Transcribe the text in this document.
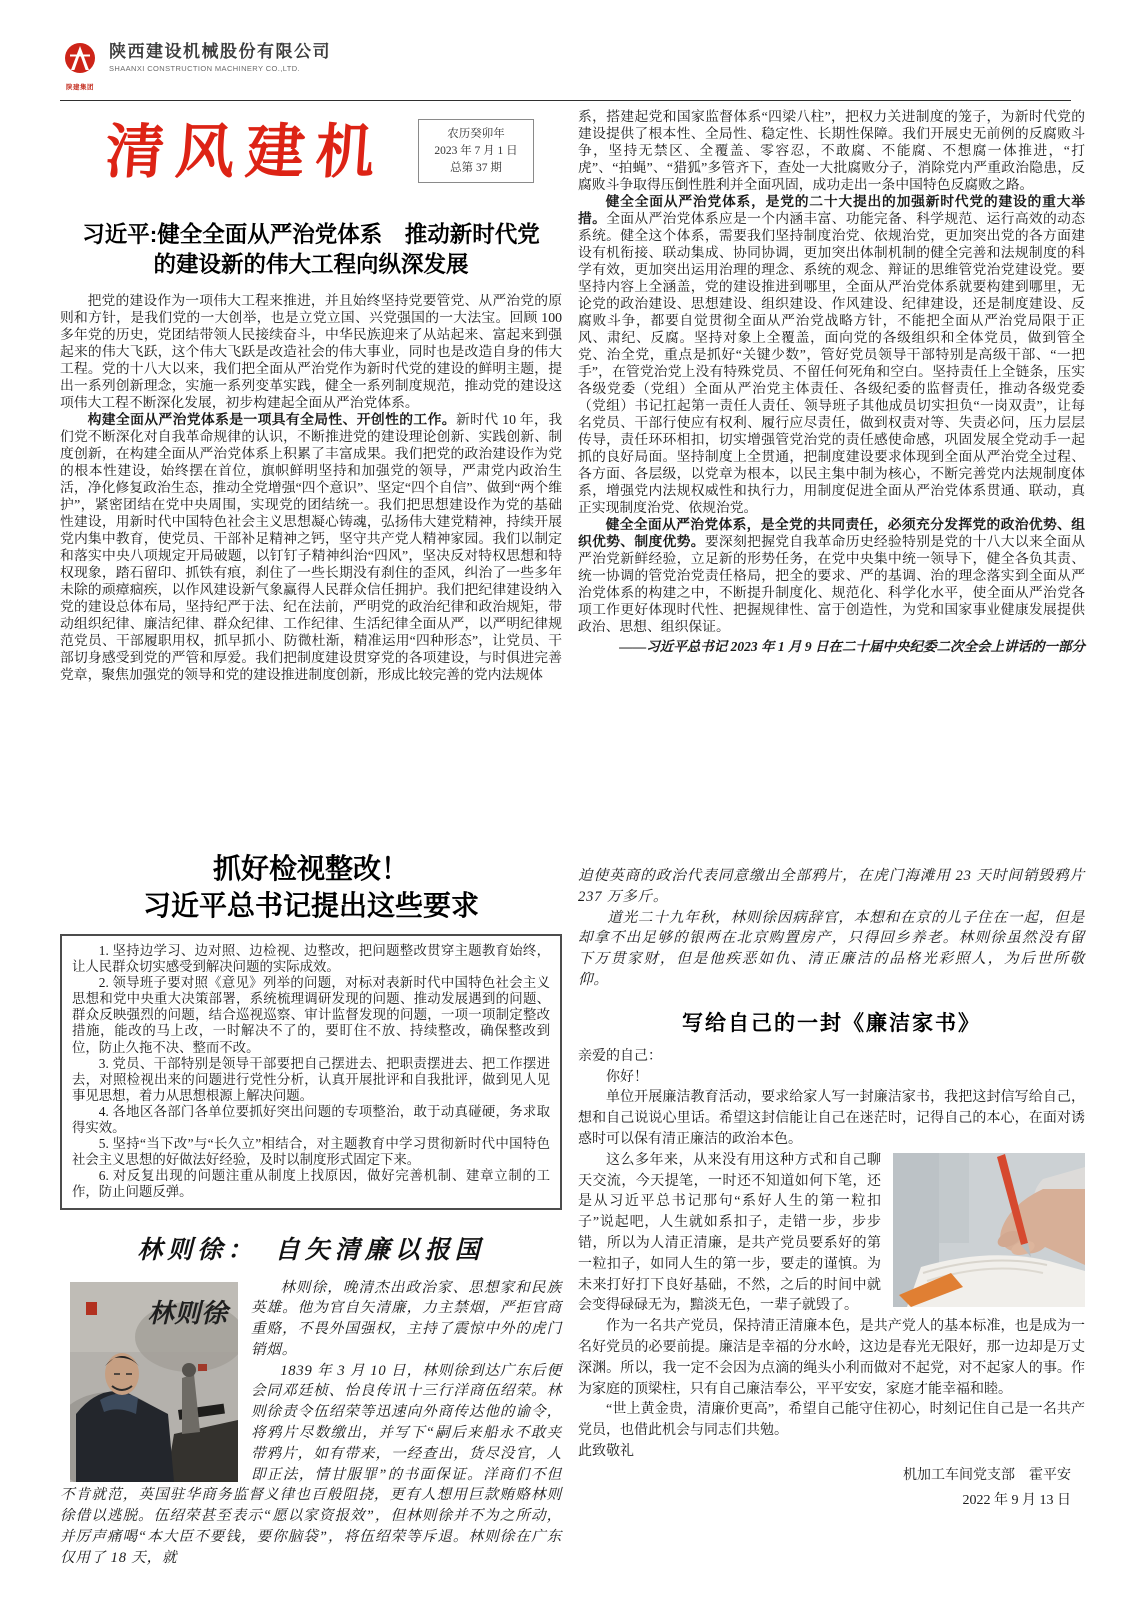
陕建集团
陕西建设机械股份有限公司
SHAANXI CONSTRUCTION MACHINERY CO.,LTD.
清风建机	农历癸卯年
2023 年 7 月 1 日
总第 37 期
习近平:健全全面从严治党体系　推动新时代党
的建设新的伟大工程向纵深发展

把党的建设作为一项伟大工程来推进，并且始终坚持党要管党、从严治党的原则和方针，是我们党的一大创举，也是立党立国、兴党强国的一大法宝。回顾 100 多年党的历史，党团结带领人民接续奋斗，中华民族迎来了从站起来、富起来到强起来的伟大飞跃，这个伟大飞跃是改造社会的伟大事业，同时也是改造自身的伟大工程。党的十八大以来，我们把全面从严治党作为新时代党的建设的鲜明主题，提出一系列创新理念，实施一系列变革实践，健全一系列制度规范，推动党的建设这项伟大工程不断深化发展，初步构建起全面从严治党体系。

构建全面从严治党体系是一项具有全局性、开创性的工作。新时代 10 年，我们党不断深化对自我革命规律的认识，不断推进党的建设理论创新、实践创新、制度创新，在构建全面从严治党体系上积累了丰富成果。我们把党的政治建设作为党的根本性建设，始终摆在首位，旗帜鲜明坚持和加强党的领导，严肃党内政治生活，净化修复政治生态，推动全党增强“四个意识”、坚定“四个自信”、做到“两个维护”，紧密团结在党中央周围，实现党的团结统一。我们把思想建设作为党的基础性建设，用新时代中国特色社会主义思想凝心铸魂，弘扬伟大建党精神，持续开展党内集中教育，使党员、干部补足精神之钙，坚守共产党人精神家园。我们以制定和落实中央八项规定开局破题，以钉钉子精神纠治“四风”，坚决反对特权思想和特权现象，踏石留印、抓铁有痕，刹住了一些长期没有刹住的歪风，纠治了一些多年未除的顽瘴痼疾，以作风建设新气象赢得人民群众信任拥护。我们把纪律建设纳入党的建设总体布局，坚持纪严于法、纪在法前，严明党的政治纪律和政治规矩，带动组织纪律、廉洁纪律、群众纪律、工作纪律、生活纪律全面从严，以严明纪律规范党员、干部履职用权，抓早抓小、防微杜渐，精准运用“四种形态”，让党员、干部切身感受到党的严管和厚爱。我们把制度建设贯穿党的各项建设，与时俱进完善党章，聚焦加强党的领导和党的建设推进制度创新，形成比较完善的党内法规体

系，搭建起党和国家监督体系“四梁八柱”，把权力关进制度的笼子，为新时代党的建设提供了根本性、全局性、稳定性、长期性保障。我们开展史无前例的反腐败斗争，坚持无禁区、全覆盖、零容忍，不敢腐、不能腐、不想腐一体推进，“打虎”、“拍蝇”、“猎狐”多管齐下，查处一大批腐败分子，消除党内严重政治隐患，反腐败斗争取得压倒性胜利并全面巩固，成功走出一条中国特色反腐败之路。

健全全面从严治党体系，是党的二十大提出的加强新时代党的建设的重大举措。全面从严治党体系应是一个内涵丰富、功能完备、科学规范、运行高效的动态系统。健全这个体系，需要我们坚持制度治党、依规治党，更加突出党的各方面建设有机衔接、联动集成、协同协调，更加突出体制机制的健全完善和法规制度的科学有效，更加突出运用治理的理念、系统的观念、辩证的思维管党治党建设党。要坚持内容上全涵盖，党的建设推进到哪里，全面从严治党体系就要构建到哪里，无论党的政治建设、思想建设、组织建设、作风建设、纪律建设，还是制度建设、反腐败斗争，都要自觉贯彻全面从严治党战略方针，不能把全面从严治党局限于正风、肃纪、反腐。坚持对象上全覆盖，面向党的各级组织和全体党员，做到管全党、治全党，重点是抓好“关键少数”，管好党员领导干部特别是高级干部、“一把手”，在管党治党上没有特殊党员、不留任何死角和空白。坚持责任上全链条，压实各级党委（党组）全面从严治党主体责任、各级纪委的监督责任，推动各级党委（党组）书记扛起第一责任人责任、领导班子其他成员切实担负“一岗双责”，让每名党员、干部行使应有权利、履行应尽责任，做到权责对等、失责必问，压力层层传导，责任环环相扣，切实增强管党治党的责任感使命感，巩固发展全党动手一起抓的良好局面。坚持制度上全贯通，把制度建设要求体现到全面从严治党全过程、各方面、各层级，以党章为根本，以民主集中制为核心，不断完善党内法规制度体系，增强党内法规权威性和执行力，用制度促进全面从严治党体系贯通、联动，真正实现制度治党、依规治党。

健全全面从严治党体系，是全党的共同责任，必须充分发挥党的政治优势、组织优势、制度优势。要深刻把握党自我革命历史经验特别是党的十八大以来全面从严治党新鲜经验，立足新的形势任务，在党中央集中统一领导下，健全各负其责、统一协调的管党治党责任格局，把全的要求、严的基调、治的理念落实到全面从严治党体系的构建之中，不断提升制度化、规范化、科学化水平，使全面从严治党各项工作更好体现时代性、把握规律性、富于创造性，为党和国家事业健康发展提供政治、思想、组织保证。

——习近平总书记 2023 年 1 月 9 日在二十届中央纪委二次全会上讲话的一部分
抓好检视整改！
习近平总书记提出这些要求

1. 坚持边学习、边对照、边检视、边整改，把问题整改贯穿主题教育始终，让人民群众切实感受到解决问题的实际成效。

2. 领导班子要对照《意见》列举的问题，对标对表新时代中国特色社会主义思想和党中央重大决策部署，系统梳理调研发现的问题、推动发展遇到的问题、群众反映强烈的问题，结合巡视巡察、审计监督发现的问题，一项一项制定整改措施，能改的马上改，一时解决不了的，要盯住不放、持续整改，确保整改到位，防止久拖不决、整而不改。

3. 党员、干部特别是领导干部要把自己摆进去、把职责摆进去、把工作摆进去，对照检视出来的问题进行党性分析，认真开展批评和自我批评，做到见人见事见思想，着力从思想根源上解决问题。

4. 各地区各部门各单位要抓好突出问题的专项整治，敢于动真碰硬，务求取得实效。

5. 坚持“当下改”与“长久立”相结合，对主题教育中学习贯彻新时代中国特色社会主义思想的好做法好经验，及时以制度形式固定下来。

6. 对反复出现的问题注重从制度上找原因，做好完善机制、建章立制的工作，防止问题反弹。

林则徐：　自矢清廉以报国
林则徐

林则徐，晚清杰出政治家、思想家和民族英雄。他为官自矢清廉，力主禁烟，严拒官商重赂，不畏外国强权，主持了震惊中外的虎门销烟。

1839 年 3 月 10 日，林则徐到达广东后便会同邓廷桢、怡良传讯十三行洋商伍绍荣。林则徐责令伍绍荣等迅速向外商传达他的谕令，将鸦片尽数缴出，并写下“嗣后来船永不敢夹带鸦片，如有带来，一经查出，货尽没官，人即正法，情甘服罪”的书面保证。洋商们不但不肯就范，英国驻华商务监督义律也百般阻挠，更有人想用巨款贿赂林则徐借以逃脱。伍绍荣甚至表示“愿以家资报效”，但林则徐并不为之所动，并厉声痛喝“本大臣不要钱，要你脑袋”，将伍绍荣等斥退。林则徐在广东仅用了 18 天，就

迫使英商的政治代表同意缴出全部鸦片，在虎门海滩用 23 天时间销毁鸦片 237 万多斤。

道光二十九年秋，林则徐因病辞官，本想和在京的儿子住在一起，但是却拿不出足够的银两在北京购置房产，只得回乡养老。林则徐虽然没有留下万贯家财，但是他疾恶如仇、清正廉洁的品格光彩照人，为后世所敬仰。

写给自己的一封《廉洁家书》

亲爱的自己：

你好！

单位开展廉洁教育活动，要求给家人写一封廉洁家书，我把这封信写给自己，想和自己说说心里话。希望这封信能让自己在迷茫时，记得自己的本心，在面对诱惑时可以保有清正廉洁的政治本色。

这么多年来，从来没有用这种方式和自己聊天交流，今天提笔，一时还不知道如何下笔，还是从习近平总书记那句“系好人生的第一粒扣子”说起吧，人生就如系扣子，走错一步，步步错，所以为人清正清廉，是共产党员要系好的第一粒扣子，如同人生的第一步，要走的谨慎。为未来打好打下良好基础，不然，之后的时间中就会变得碌碌无为，黯淡无色，一辈子就毁了。

作为一名共产党员，保持清正清廉本色，是共产党人的基本标准，也是成为一名好党员的必要前提。廉洁是幸福的分水岭，这边是春光无限好，那一边却是万丈深渊。所以，我一定不会因为点滴的绳头小利而做对不起党，对不起家人的事。作为家庭的顶梁柱，只有自己廉洁奉公，平平安安，家庭才能幸福和睦。

“世上黄金贵，清廉价更高”，希望自己能守住初心，时刻记住自己是一名共产党员，也借此机会与同志们共勉。

此致敬礼

机加工车间党支部　霍平安
2022 年 9 月 13 日
